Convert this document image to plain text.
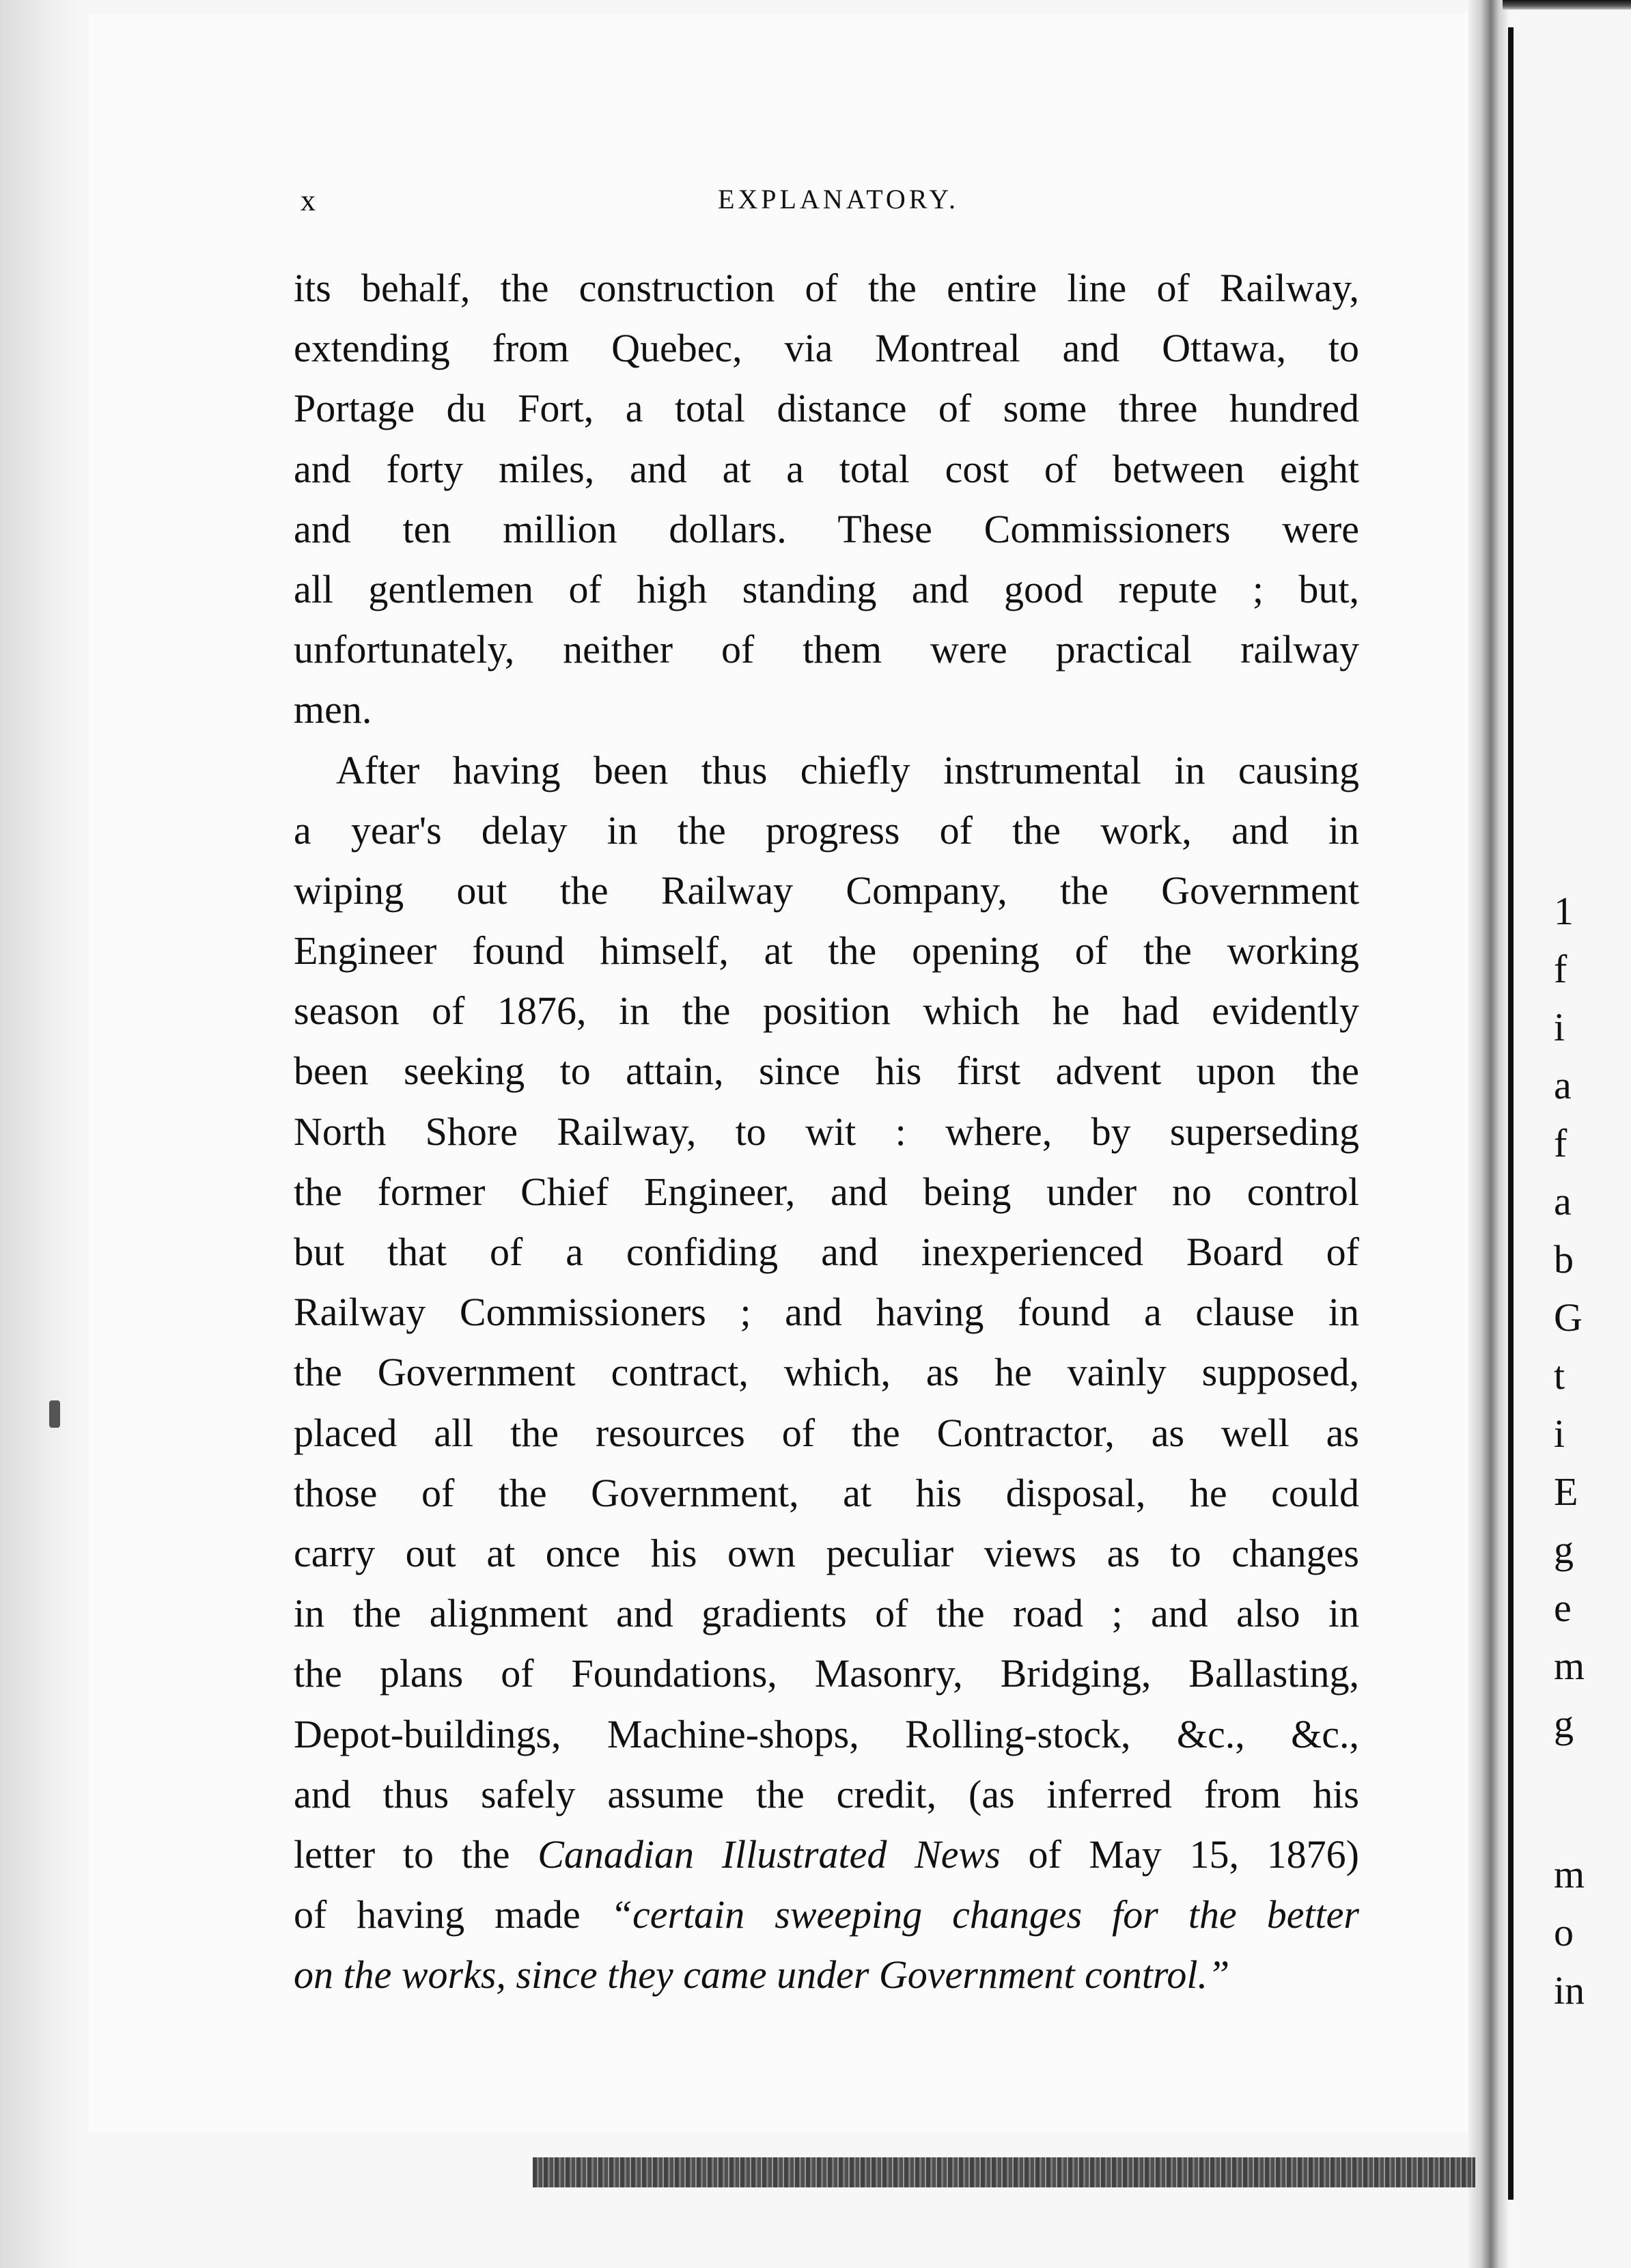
x	EXPLANATORY.
its behalf, the construction of the entire line of Railway,
extending from Quebec, via Montreal and Ottawa, to
Portage du Fort, a total distance of some three hundred
and forty miles, and at a total cost of between eight
and ten million dollars. These Commissioners were
all gentlemen of high standing and good repute ; but,
unfortunately, neither of them were practical railway
men.
After having been thus chiefly instrumental in causing
a year's delay in the progress of the work, and in
wiping out the Railway Company, the Government
Engineer found himself, at the opening of the working
season of 1876, in the position which he had evidently
been seeking to attain, since his first advent upon the
North Shore Railway, to wit : where, by superseding
the former Chief Engineer, and being under no control
but that of a confiding and inexperienced Board of
Railway Commissioners ; and having found a clause in
the Government contract, which, as he vainly supposed,
placed all the resources of the Contractor, as well as
those of the Government, at his disposal, he could
carry out at once his own peculiar views as to changes
in the alignment and gradients of the road ; and also in
the plans of Foundations, Masonry, Bridging, Ballasting,
Depot-buildings, Machine-shops, Rolling-stock, &c., &c.,
and thus safely assume the credit, (as inferred from his
letter to the Canadian Illustrated News of May 15, 1876)
of having made “certain sweeping changes for the better
on the works, since they came under Government control.”
1
f
i
a
f
a
b
G
t
i
E
g
e
m
g
m
o
in
